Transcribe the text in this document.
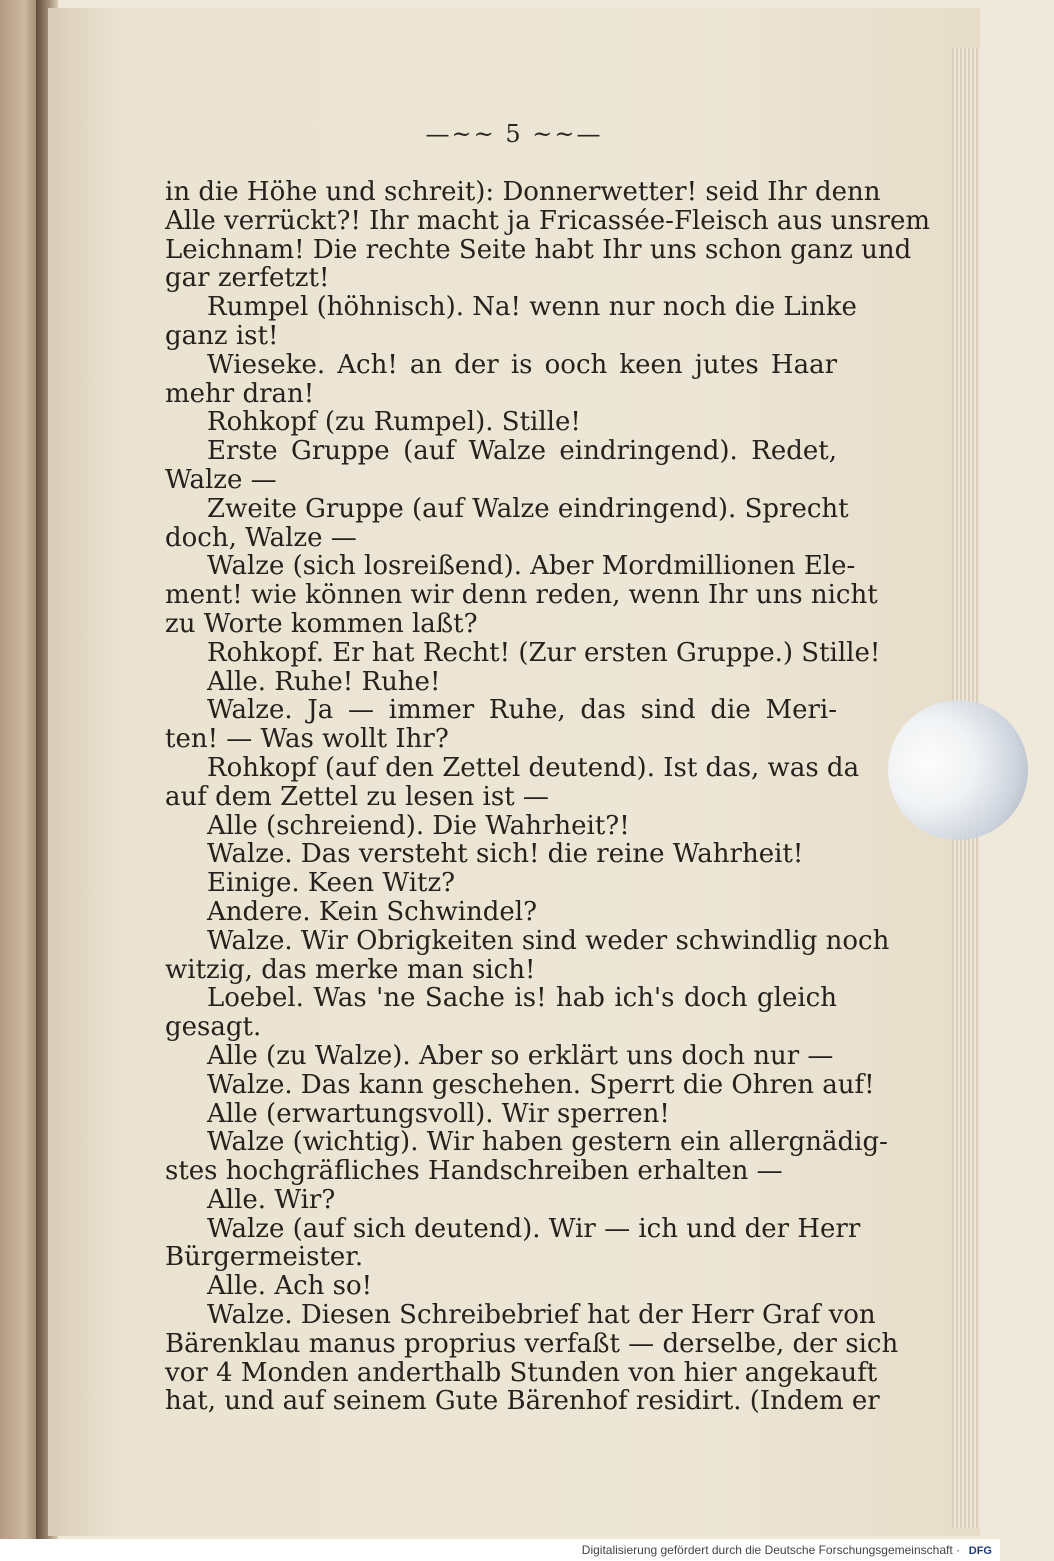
—~~ 5 ~~—
in die Höhe und schreit): Donnerwetter! seid Ihr denn
Alle verrückt?! Ihr macht ja Fricassée-Fleisch aus unsrem
Leichnam! Die rechte Seite habt Ihr uns schon ganz und
gar zerfetzt!
Rumpel (höhnisch). Na! wenn nur noch die Linke
ganz ist!
Wieseke. Ach! an der is ooch keen jutes Haar
mehr dran!
Rohkopf (zu Rumpel). Stille!
Erste Gruppe (auf Walze eindringend). Redet,
Walze —
Zweite Gruppe (auf Walze eindringend). Sprecht
doch, Walze —
Walze (sich losreißend). Aber Mordmillionen Ele-
ment! wie können wir denn reden, wenn Ihr uns nicht
zu Worte kommen laßt?
Rohkopf. Er hat Recht! (Zur ersten Gruppe.) Stille!
Alle. Ruhe! Ruhe!
Walze. Ja — immer Ruhe, das sind die Meri-
ten! — Was wollt Ihr?
Rohkopf (auf den Zettel deutend). Ist das, was da
auf dem Zettel zu lesen ist —
Alle (schreiend). Die Wahrheit?!
Walze. Das versteht sich! die reine Wahrheit!
Einige. Keen Witz?
Andere. Kein Schwindel?
Walze. Wir Obrigkeiten sind weder schwindlig noch
witzig, das merke man sich!
Loebel. Was 'ne Sache is! hab ich's doch gleich
gesagt.
Alle (zu Walze). Aber so erklärt uns doch nur —
Walze. Das kann geschehen. Sperrt die Ohren auf!
Alle (erwartungsvoll). Wir sperren!
Walze (wichtig). Wir haben gestern ein allergnädig-
stes hochgräfliches Handschreiben erhalten —
Alle. Wir?
Walze (auf sich deutend). Wir — ich und der Herr
Bürgermeister.
Alle. Ach so!
Walze. Diesen Schreibebrief hat der Herr Graf von
Bärenklau manus proprius verfaßt — derselbe, der sich
vor 4 Monden anderthalb Stunden von hier angekauft
hat, und auf seinem Gute Bärenhof residirt. (Indem er
Digitalisierung gefördert durch die Deutsche Forschungsgemeinschaft · DFG
